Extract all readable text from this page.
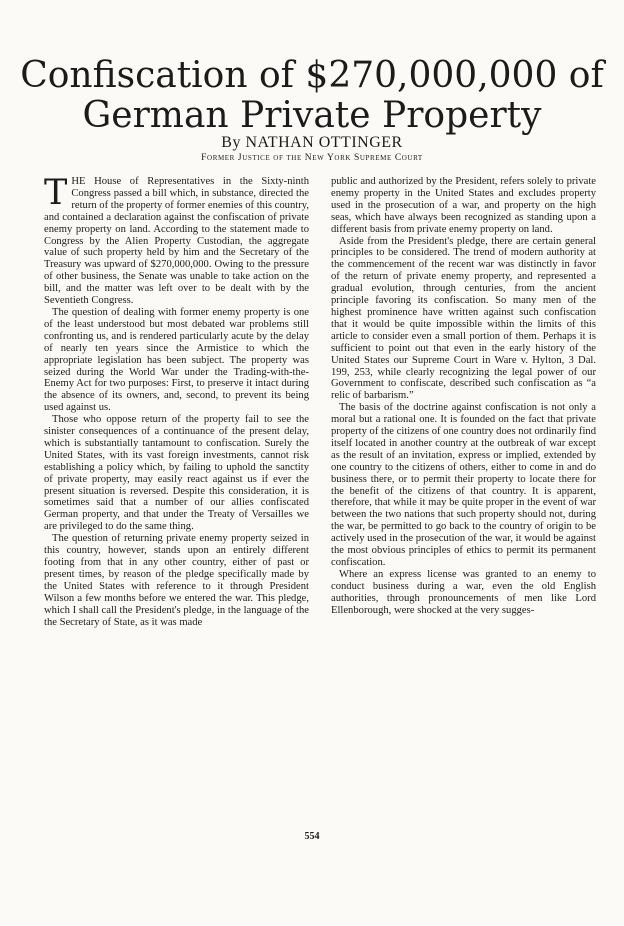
Confiscation of $270,000,000 of
German Private Property
By NATHAN OTTINGER
Former Justice of the New York Supreme Court

THE House of Representatives in the Sixty-ninth Congress passed a bill which, in substance, directed the return of the property of former enemies of this country, and contained a declaration against the confiscation of private enemy property on land. According to the statement made to Congress by the Alien Property Custodian, the aggregate value of such property held by him and the Secretary of the Treasury was upward of $270,000,000. Owing to the pressure of other business, the Senate was unable to take action on the bill, and the matter was left over to be dealt with by the Seventieth Congress.

The question of dealing with former enemy property is one of the least understood but most debated war problems still confronting us, and is rendered particularly acute by the delay of nearly ten years since the Armistice to which the appropriate legislation has been subject. The property was seized during the World War under the Trading-with-the-Enemy Act for two purposes: First, to preserve it intact during the absence of its owners, and, second, to prevent its being used against us.

Those who oppose return of the property fail to see the sinister consequences of a continuance of the present delay, which is substantially tantamount to confiscation. Surely the United States, with its vast foreign investments, cannot risk establishing a policy which, by failing to uphold the sanctity of private property, may easily react against us if ever the present situation is reversed. Despite this consideration, it is sometimes said that a number of our allies confiscated German property, and that under the Treaty of Versailles we are privileged to do the same thing.

The question of returning private enemy property seized in this country, however, stands upon an entirely different footing from that in any other country, either of past or present times, by reason of the pledge specifically made by the United States with reference to it through President Wilson a few months before we entered the war. This pledge, which I shall call the President's pledge, in the language of the the Secretary of State, as it was made

public and authorized by the President, refers solely to private enemy property in the United States and excludes property used in the prosecution of a war, and property on the high seas, which have always been recognized as standing upon a different basis from private enemy property on land.

Aside from the President's pledge, there are certain general principles to be considered. The trend of modern authority at the commencement of the recent war was distinctly in favor of the return of private enemy property, and represented a gradual evolution, through centuries, from the ancient principle favoring its confiscation. So many men of the highest prominence have written against such confiscation that it would be quite impossible within the limits of this article to consider even a small portion of them. Perhaps it is sufficient to point out that even in the early history of the United States our Supreme Court in Ware v. Hylton, 3 Dal. 199, 253, while clearly recognizing the legal power of our Government to confiscate, described such confiscation as “a relic of barbarism.”

The basis of the doctrine against confiscation is not only a moral but a rational one. It is founded on the fact that private property of the citizens of one country does not ordinarily find itself located in another country at the outbreak of war except as the result of an invitation, express or implied, extended by one country to the citizens of others, either to come in and do business there, or to permit their property to locate there for the benefit of the citizens of that country. It is apparent, therefore, that while it may be quite proper in the event of war between the two nations that such property should not, during the war, be permitted to go back to the country of origin to be actively used in the prosecution of the war, it would be against the most obvious principles of ethics to permit its permanent confiscation.

Where an express license was granted to an enemy to conduct business during a war, even the old English authorities, through pronouncements of men like Lord Ellenborough, were shocked at the very sugges-

554
